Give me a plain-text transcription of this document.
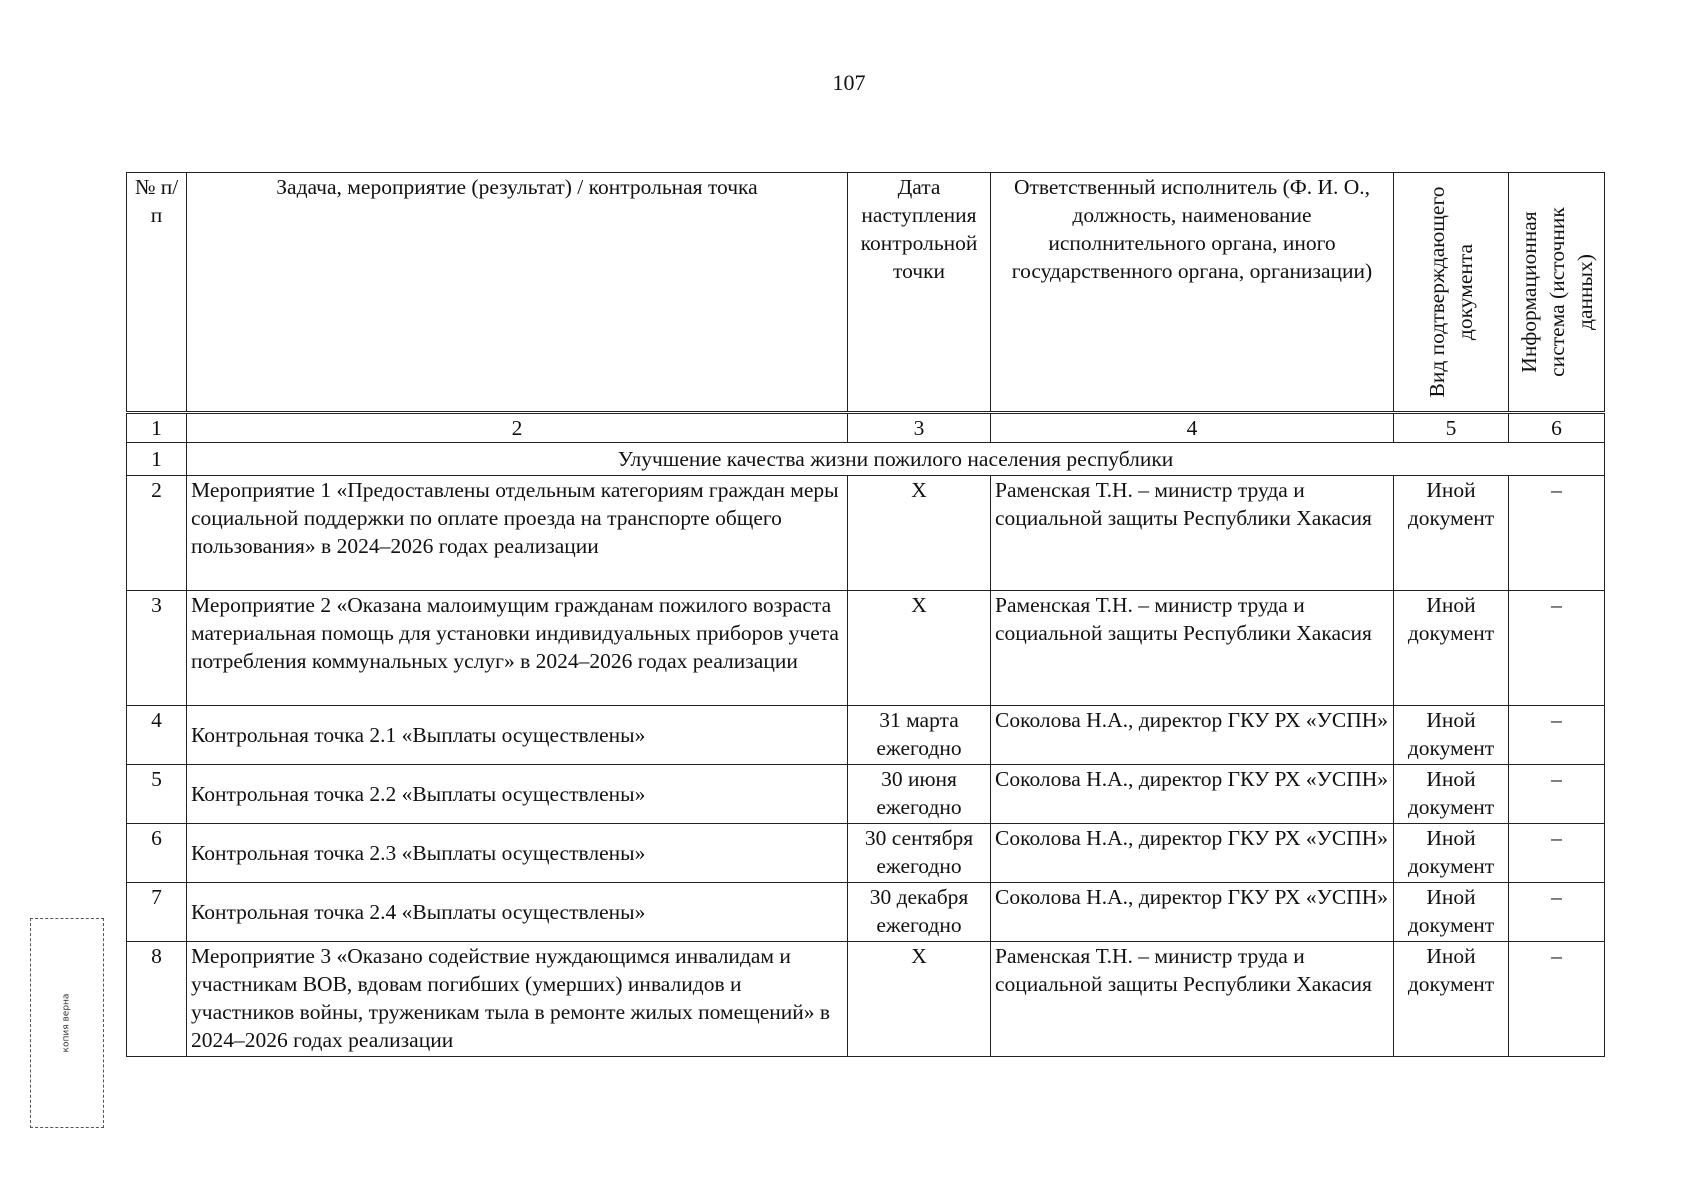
107
№ п/п	Задача, мероприятие (результат) / контрольная точка	Дата наступления контрольной точки	Ответственный исполнитель (Ф. И. О., должность, наименование исполнительного органа, иного государственного органа, организации)	Вид подтверждающего документа	Информационная система (источник данных)

1	2	3	4	5	6
1	Улучшение качества жизни пожилого населения республики				
2	Мероприятие 1 «Предоставлены отдельным категориям граждан меры социальной поддержки по оплате проезда на транспорте общего пользования» в 2024–2026 годах реализации	Х	Раменская Т.Н. – министр труда и социальной защиты Республики Хакасия	Иной документ	–
3	Мероприятие 2 «Оказана малоимущим гражданам пожилого возраста материальная помощь для установки индивидуальных приборов учета потребления коммунальных услуг» в 2024–2026 годах реализации	Х	Раменская Т.Н. – министр труда и социальной защиты Республики Хакасия	Иной документ	–
4	Контрольная точка 2.1 «Выплаты осуществлены»	31 марта ежегодно	Соколова Н.А., директор ГКУ РХ «УСПН»	Иной документ	–
5	Контрольная точка 2.2 «Выплаты осуществлены»	30 июня ежегодно	Соколова Н.А., директор ГКУ РХ «УСПН»	Иной документ	–
6	Контрольная точка 2.3 «Выплаты осуществлены»	30 сентября ежегодно	Соколова Н.А., директор ГКУ РХ «УСПН»	Иной документ	–
7	Контрольная точка 2.4 «Выплаты осуществлены»	30 декабря ежегодно	Соколова Н.А., директор ГКУ РХ «УСПН»	Иной документ	–
8	Мероприятие 3 «Оказано содействие нуждающимся инвалидам и участникам ВОВ, вдовам погибших (умерших) инвалидов и участников войны, труженикам тыла в ремонте жилых помещений» в 2024–2026 годах реализации	Х	Раменская Т.Н. – министр труда и социальной защиты Республики Хакасия	Иной документ	–
копия верна
